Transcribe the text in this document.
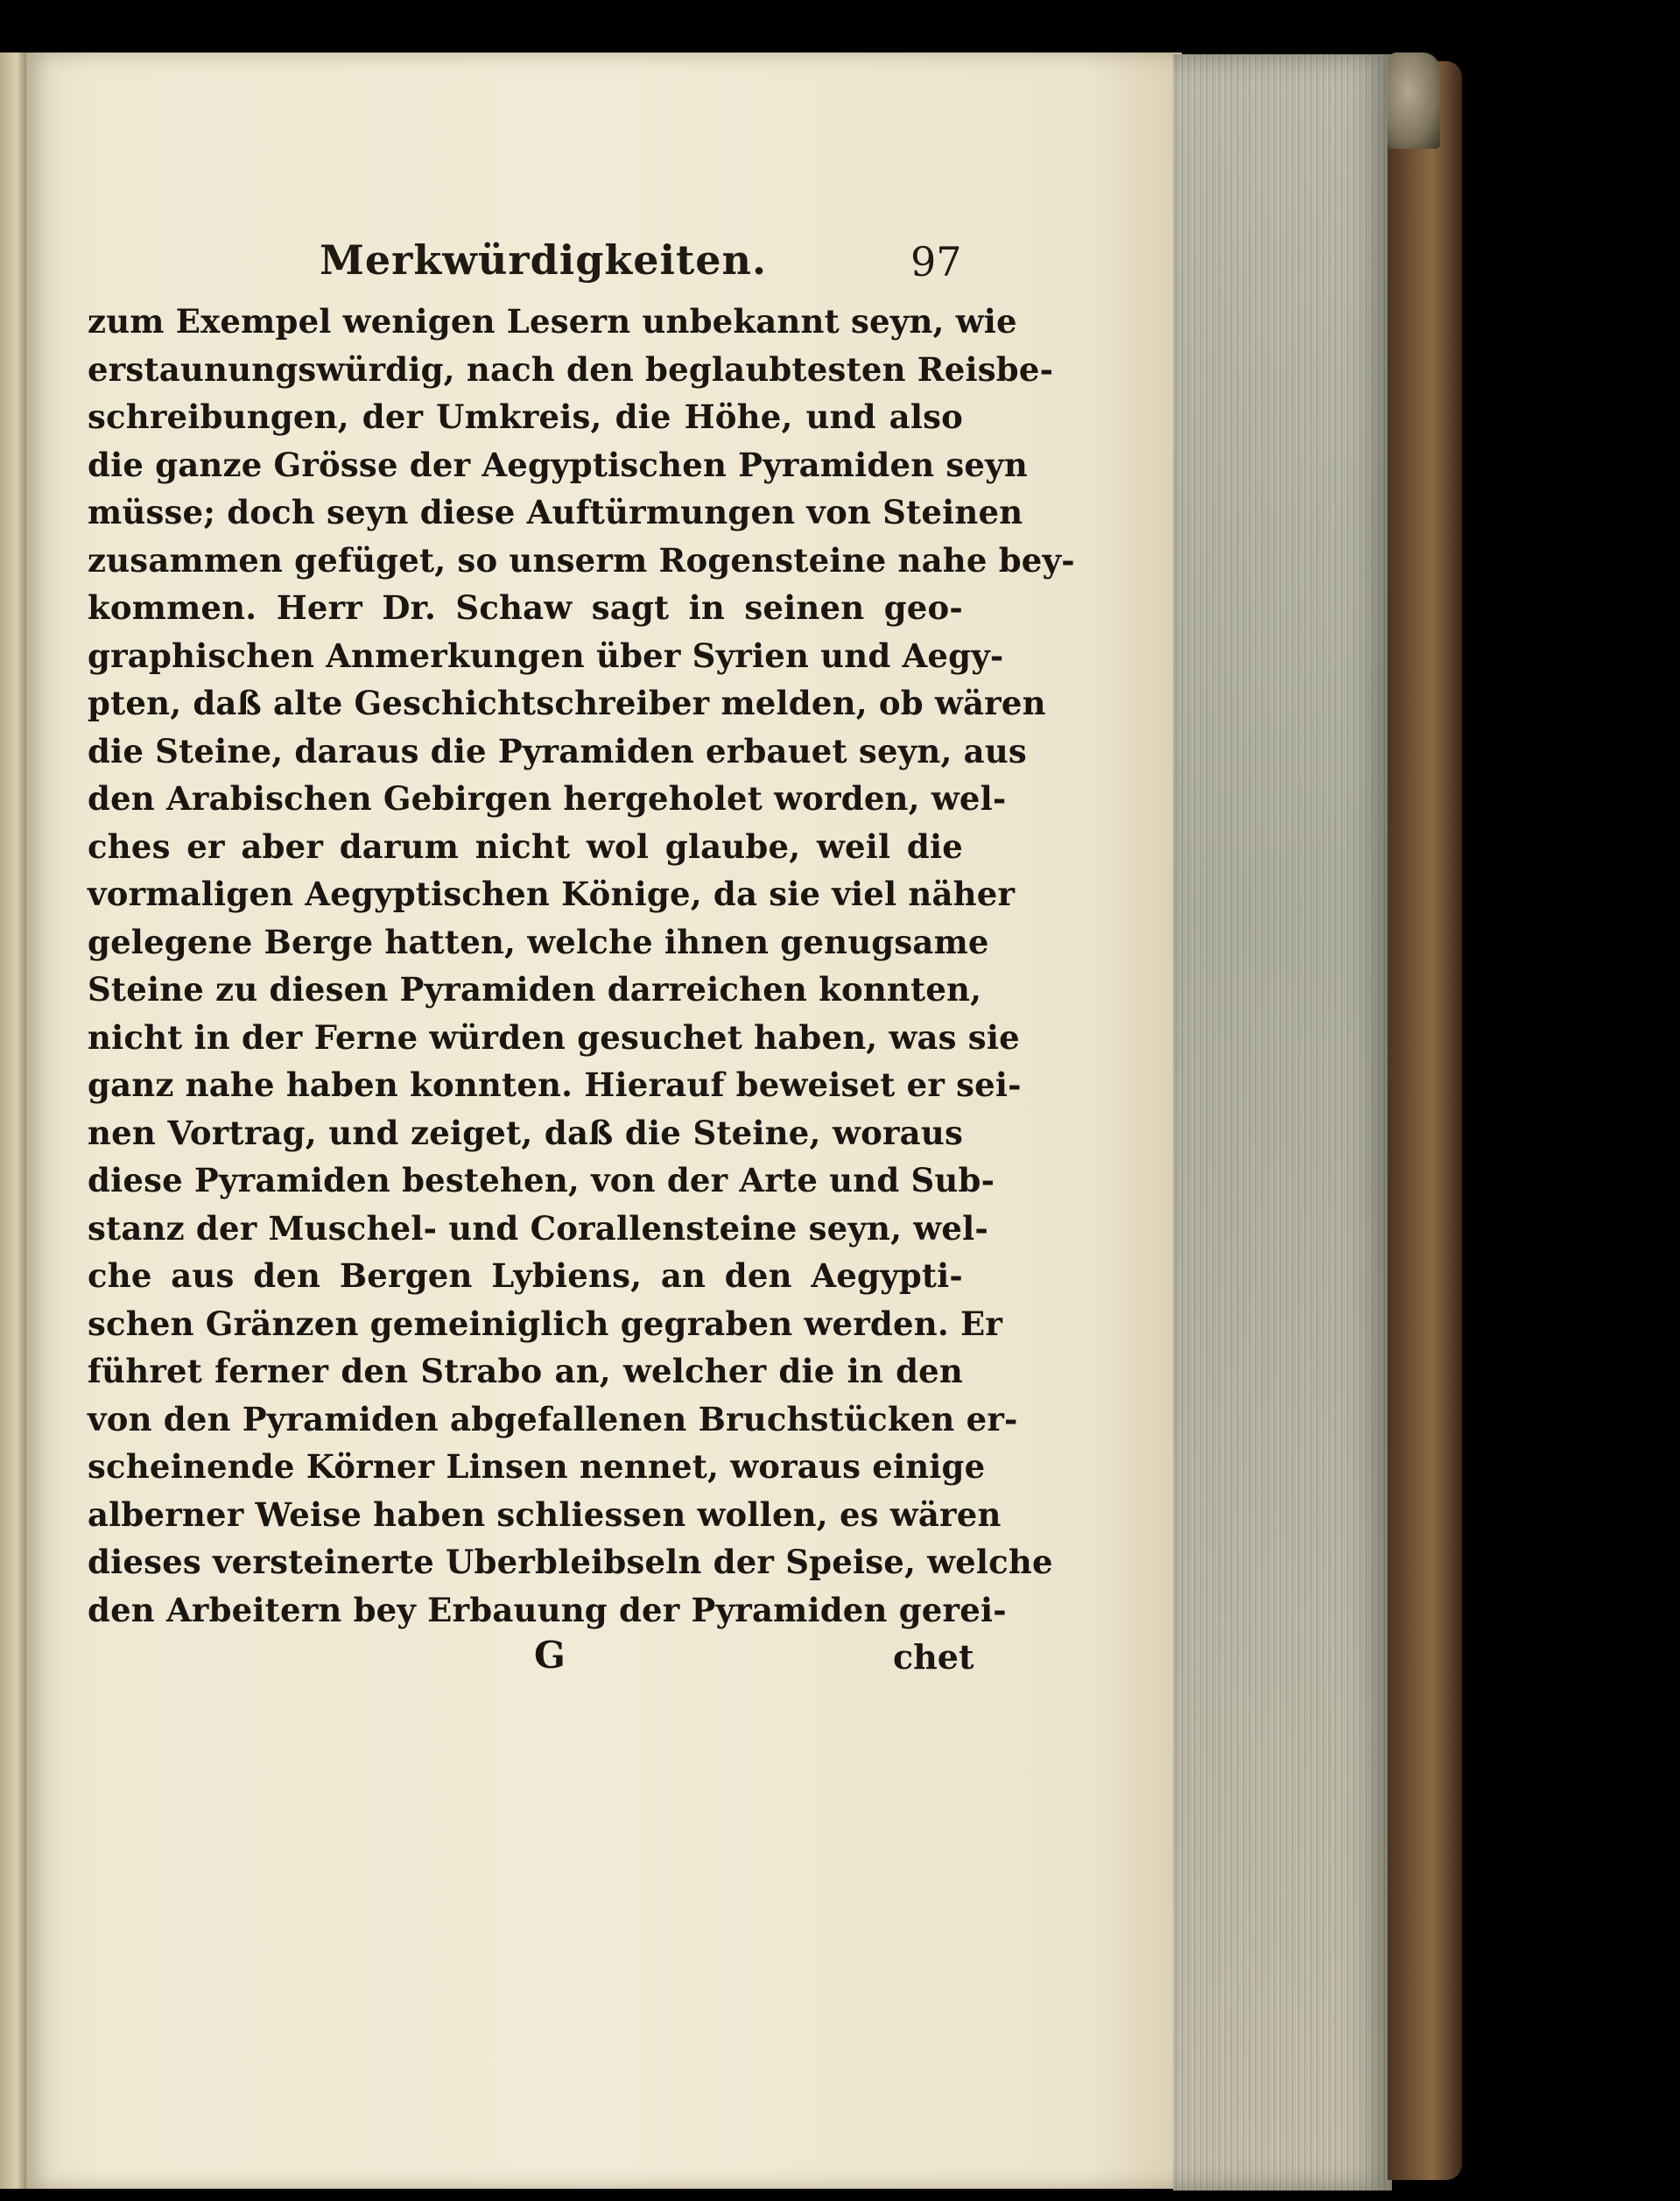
Merkwürdigkeiten.	97
zum Exempel wenigen Lesern unbekannt seyn, wie
erstaunungswürdig, nach den beglaubtesten Reisbe-
schreibungen, der Umkreis, die Höhe, und also
die ganze Grösse der Aegyptischen Pyramiden seyn
müsse; doch seyn diese Auftürmungen von Steinen
zusammen gefüget, so unserm Rogensteine nahe bey-
kommen. Herr Dr. Schaw sagt in seinen geo-
graphischen Anmerkungen über Syrien und Aegy-
pten, daß alte Geschichtschreiber melden, ob wären
die Steine, daraus die Pyramiden erbauet seyn, aus
den Arabischen Gebirgen hergeholet worden, wel-
ches er aber darum nicht wol glaube, weil die
vormaligen Aegyptischen Könige, da sie viel näher
gelegene Berge hatten, welche ihnen genugsame
Steine zu diesen Pyramiden darreichen konnten,
nicht in der Ferne würden gesuchet haben, was sie
ganz nahe haben konnten. Hierauf beweiset er sei-
nen Vortrag, und zeiget, daß die Steine, woraus
diese Pyramiden bestehen, von der Arte und Sub-
stanz der Muschel- und Corallensteine seyn, wel-
che aus den Bergen Lybiens, an den Aegypti-
schen Gränzen gemeiniglich gegraben werden. Er
führet ferner den Strabo an, welcher die in den
von den Pyramiden abgefallenen Bruchstücken er-
scheinende Körner Linsen nennet, woraus einige
alberner Weise haben schliessen wollen, es wären
dieses versteinerte Uberbleibseln der Speise, welche
den Arbeitern bey Erbauung der Pyramiden gerei-
G	chet
